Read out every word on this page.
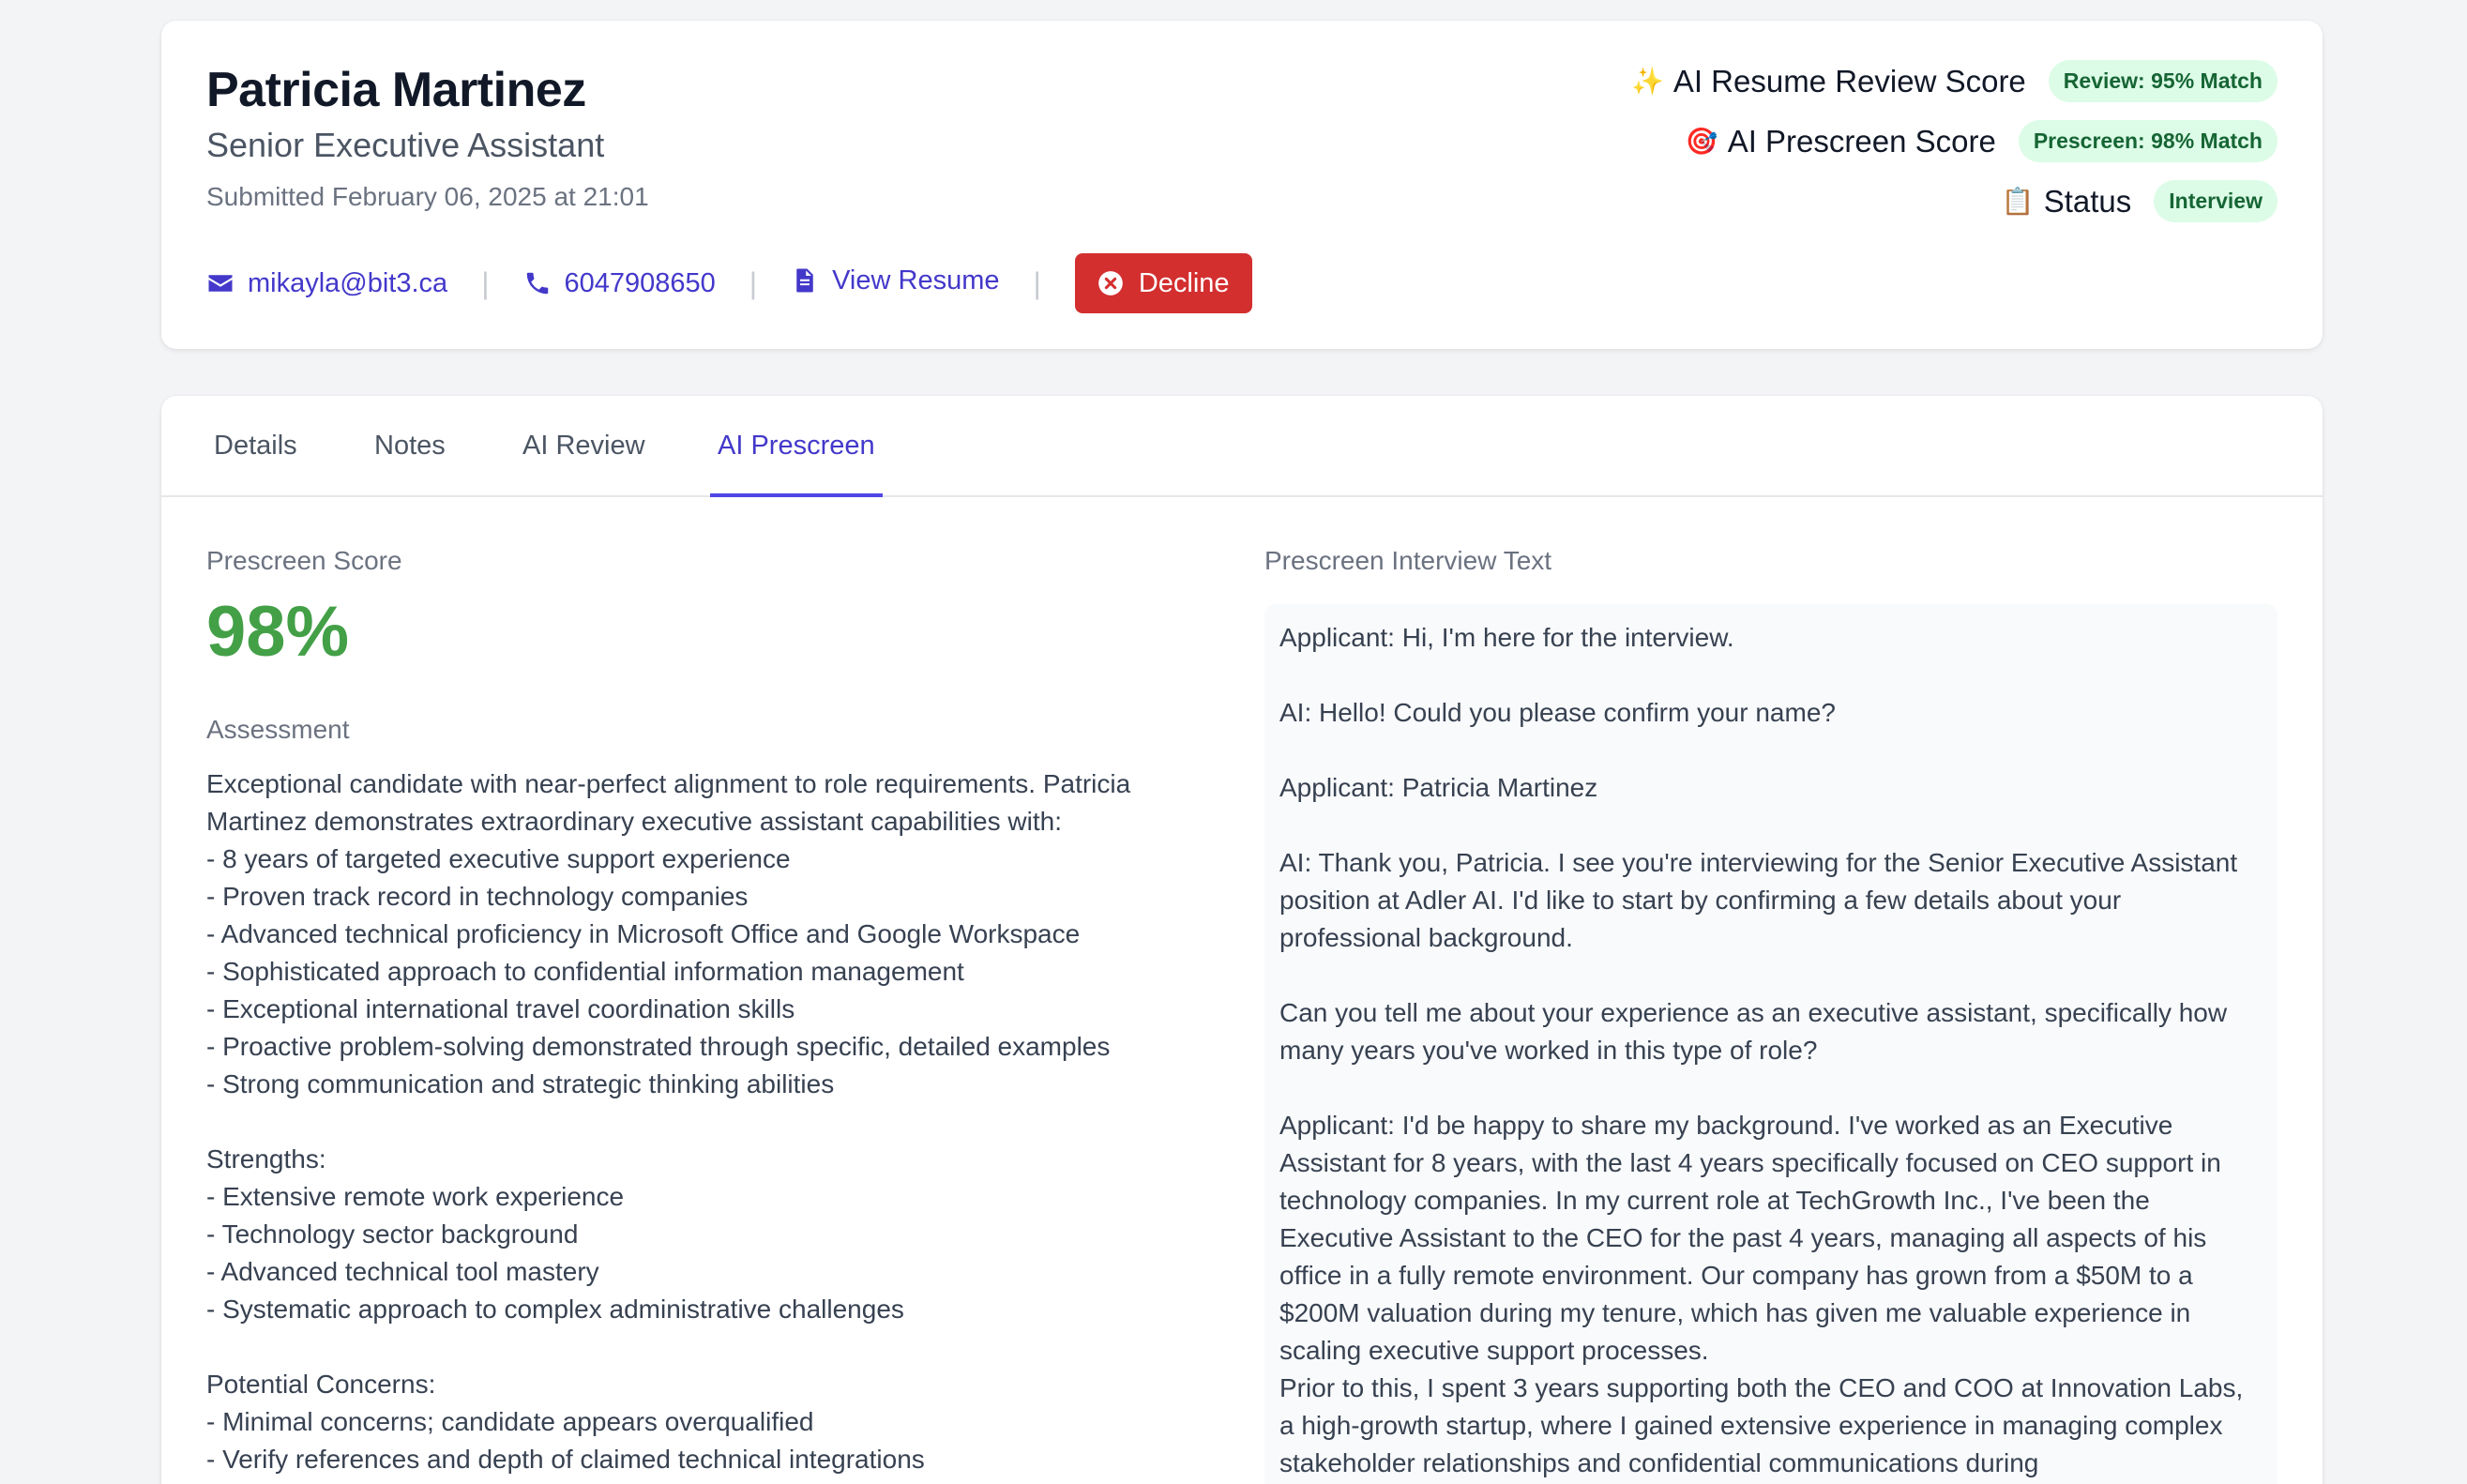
Patricia Martinez
Senior Executive Assistant
Submitted February 06, 2025 at 21:01
mikayla@bit3.ca |	6047908650 |	View Resume |	Decline
✨ AI Resume Review Score	Review: 95% Match
🎯 AI Prescreen Score	Prescreen: 98% Match
📋 Status	Interview
Details	Notes	AI Review	AI Prescreen
Prescreen Score
98%
Assessment
Exceptional candidate with near-perfect alignment to role requirements. Patricia Martinez demonstrates extraordinary executive assistant capabilities with:
- 8 years of targeted executive support experience
- Proven track record in technology companies
- Advanced technical proficiency in Microsoft Office and Google Workspace
- Sophisticated approach to confidential information management
- Exceptional international travel coordination skills
- Proactive problem-solving demonstrated through specific, detailed examples
- Strong communication and strategic thinking abilities

Strengths:
- Extensive remote work experience
- Technology sector background
- Advanced technical tool mastery
- Systematic approach to complex administrative challenges

Potential Concerns:
- Minimal concerns; candidate appears overqualified
- Verify references and depth of claimed technical integrations
Prescreen Interview Text
Applicant: Hi, I'm here for the interview.

AI: Hello! Could you please confirm your name?

Applicant: Patricia Martinez

AI: Thank you, Patricia. I see you're interviewing for the Senior Executive Assistant position at Adler AI. I'd like to start by confirming a few details about your professional background.

Can you tell me about your experience as an executive assistant, specifically how many years you've worked in this type of role?

Applicant: I'd be happy to share my background. I've worked as an Executive Assistant for 8 years, with the last 4 years specifically focused on CEO support in technology companies. In my current role at TechGrowth Inc., I've been the Executive Assistant to the CEO for the past 4 years, managing all aspects of his office in a fully remote environment. Our company has grown from a $50M to a $200M valuation during my tenure, which has given me valuable experience in scaling executive support processes.
Prior to this, I spent 3 years supporting both the CEO and COO at Innovation Labs, a high-growth startup, where I gained extensive experience in managing complex stakeholder relationships and confidential communications during
